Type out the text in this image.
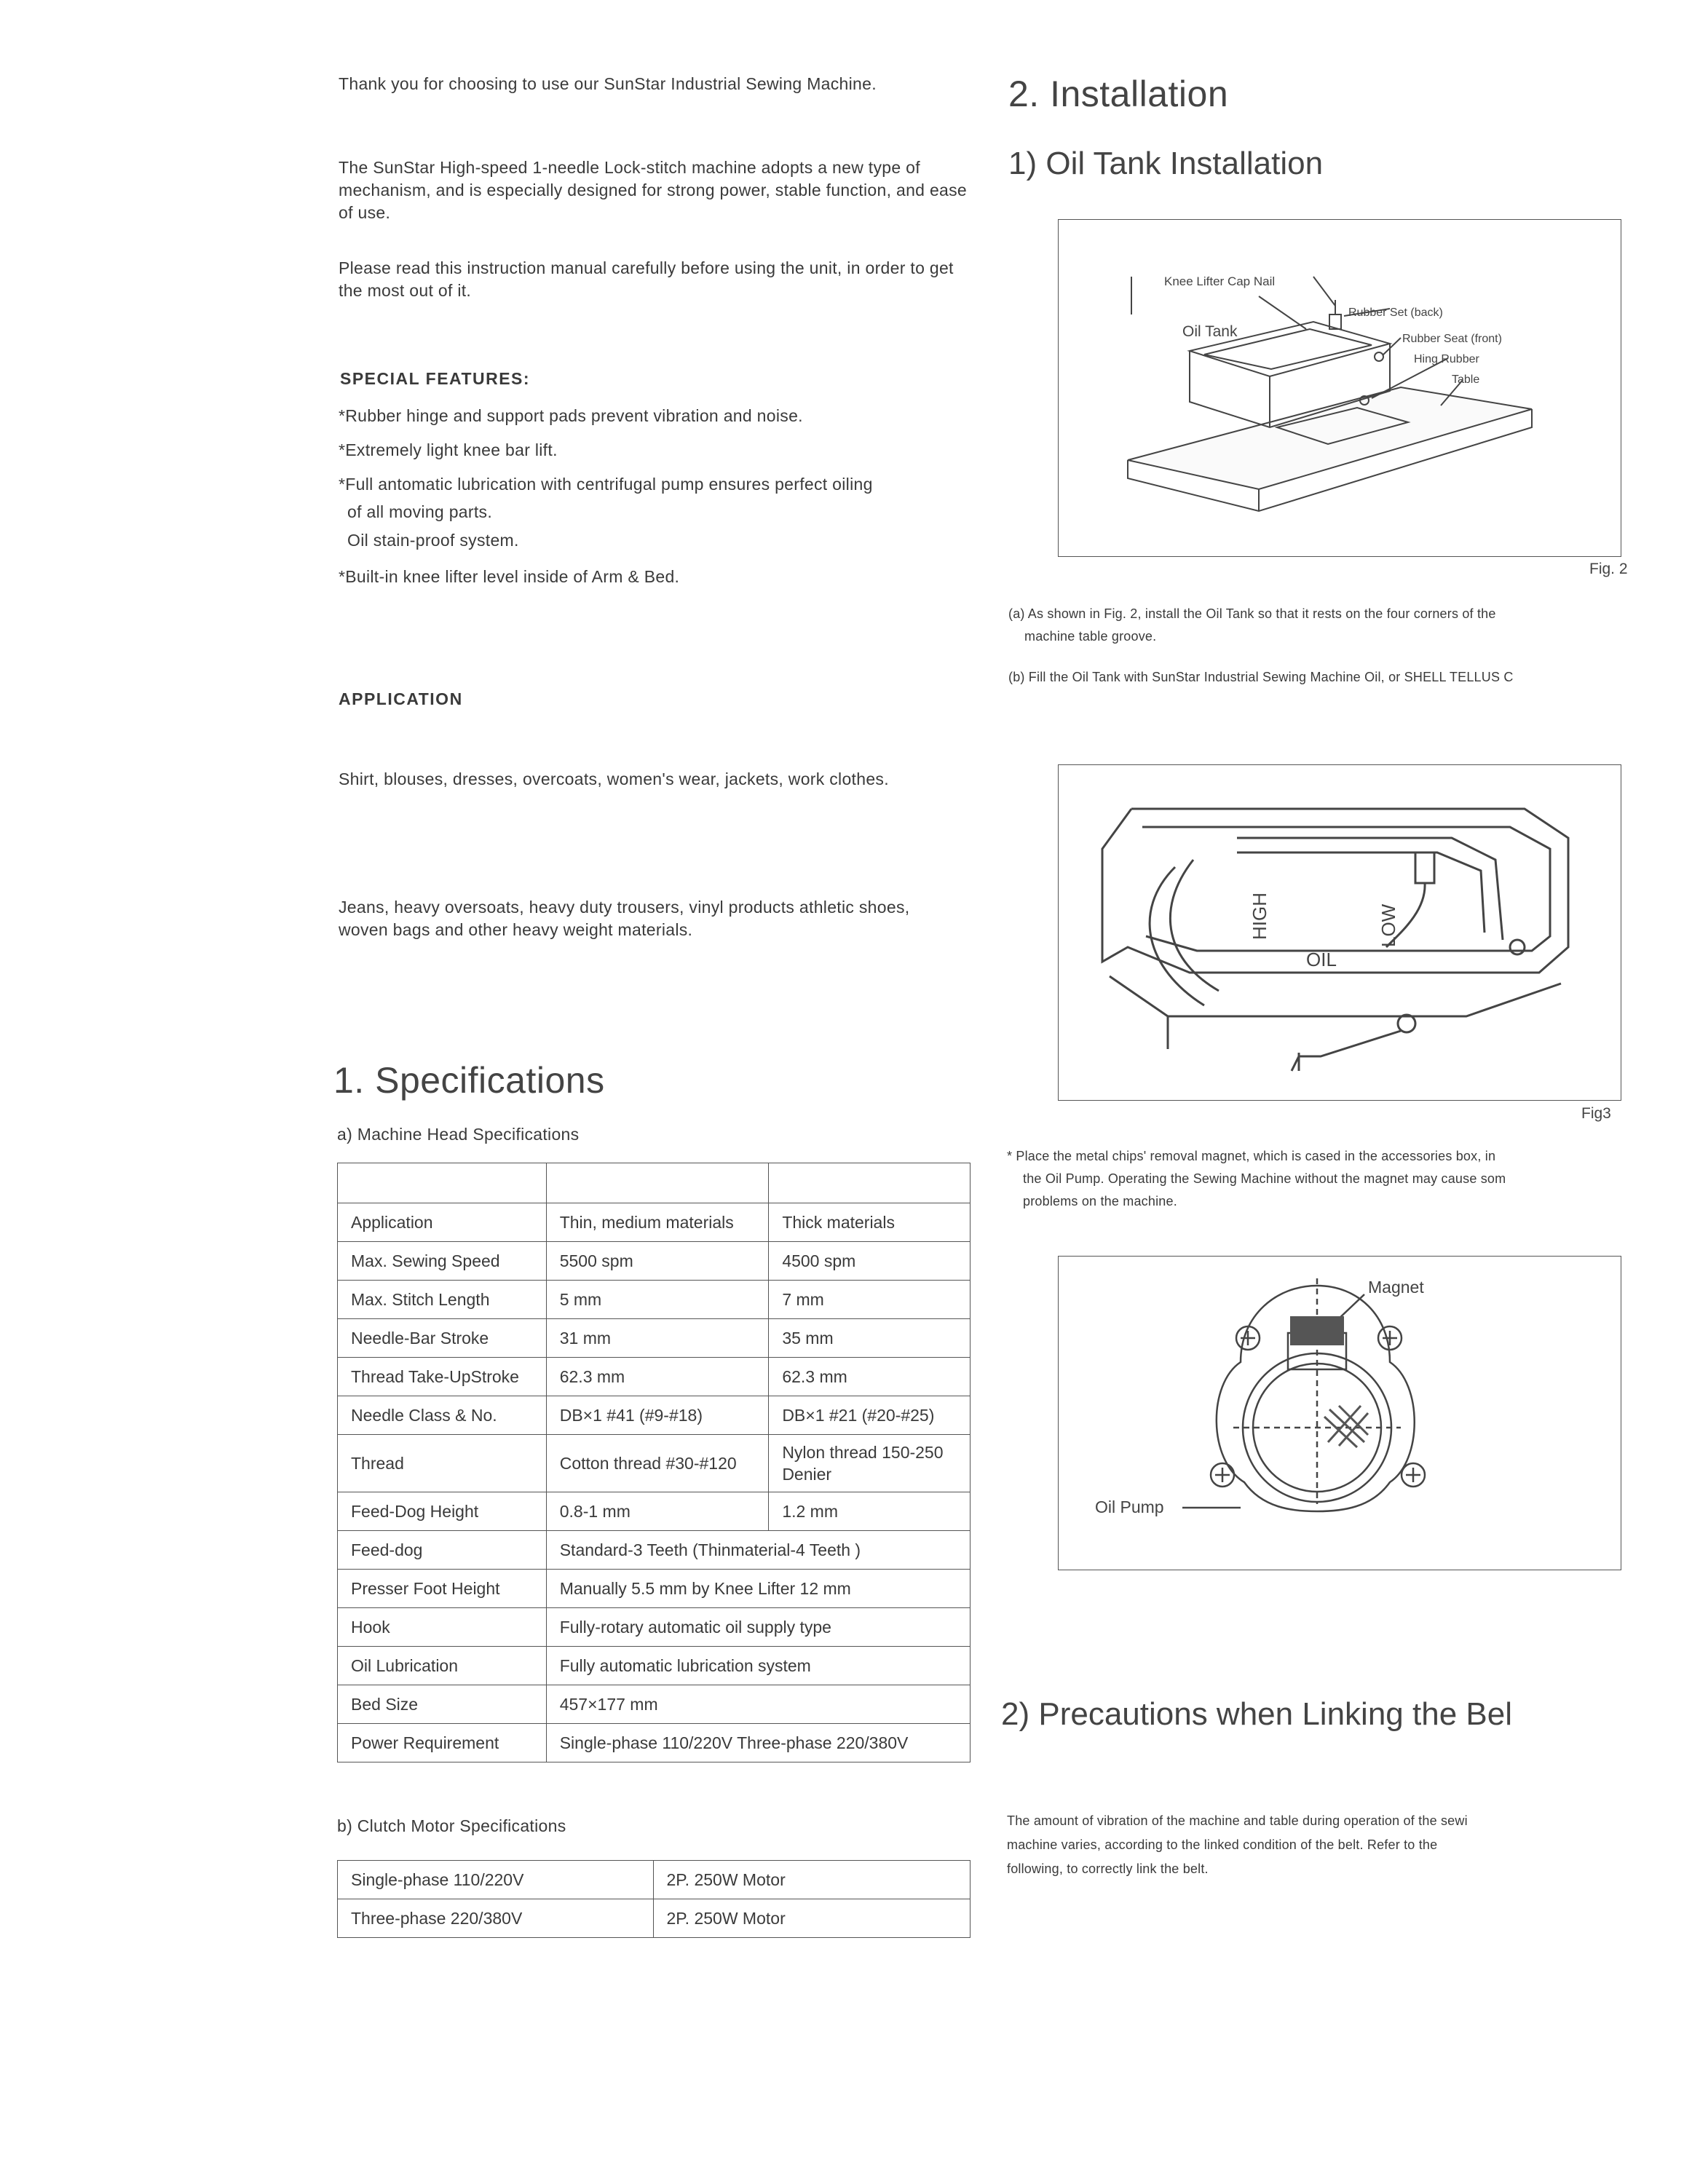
Thank you for choosing to use our SunStar Industrial Sewing Machine.
The SunStar High-speed 1-needle Lock-stitch machine adopts a new type of mechanism, and is especially designed for strong power, stable function, and ease of use.
Please read this instruction manual carefully before using the unit, in order to get the most out of it.
SPECIAL FEATURES:
*Rubber hinge and support pads prevent vibration and noise.
*Extremely light knee bar lift.
*Full antomatic lubrication with centrifugal pump ensures perfect oiling
of all moving parts.
Oil stain-proof system.
*Built-in knee lifter level inside of Arm & Bed.
APPLICATION
Shirt, blouses, dresses, overcoats, women's wear, jackets, work clothes.
Jeans, heavy oversoats, heavy duty trousers, vinyl products athletic shoes, woven bags and other heavy weight materials.
1. Specifications
a) Machine Head Specifications

Application	Thin, medium materials	Thick materials
Max. Sewing Speed	5500 spm	4500 spm
Max. Stitch Length	5 mm	7 mm
Needle-Bar Stroke	31 mm	35 mm
Thread Take-UpStroke	62.3 mm	62.3 mm
Needle Class & No.	DB×1 #41 (#9-#18)	DB×1 #21 (#20-#25)
Thread	Cotton thread #30-#120	Nylon thread 150-250 Denier
Feed-Dog Height	0.8-1 mm	1.2 mm
Feed-dog	Standard-3 Teeth (Thinmaterial-4 Teeth )	
Presser Foot Height	Manually 5.5 mm by Knee Lifter 12 mm	
Hook	Fully-rotary automatic oil supply type	
Oil Lubrication	Fully automatic lubrication system	
Bed Size	457×177 mm	
Power Requirement	Single-phase 110/220V Three-phase 220/380V	
b) Clutch Motor Specifications
Single-phase 110/220V	2P. 250W Motor
Three-phase 220/380V	2P. 250W Motor
2. Installation
1) Oil Tank Installation
Knee Lifter Cap Nail
Oil Tank
Rubber Set (back)
Rubber Seat (front)
Hing Rubber
Table
Fig. 2
(a) As shown in Fig. 2, install the Oil Tank so that it rests on the four corners of the
machine table groove.
(b) Fill the Oil Tank with SunStar Industrial Sewing Machine Oil, or SHELL TELLUS C
HIGH	LOW
OIL
Fig3
* Place the metal chips' removal magnet, which is cased in the accessories box, in
the Oil Pump. Operating the Sewing Machine without the magnet may cause som
problems on the machine.
Magnet
Oil Pump
2) Precautions when Linking the Bel
The amount of vibration of the machine and table during operation of the sewi
machine varies, according to the linked condition of the belt. Refer to the
following, to correctly link the belt.
